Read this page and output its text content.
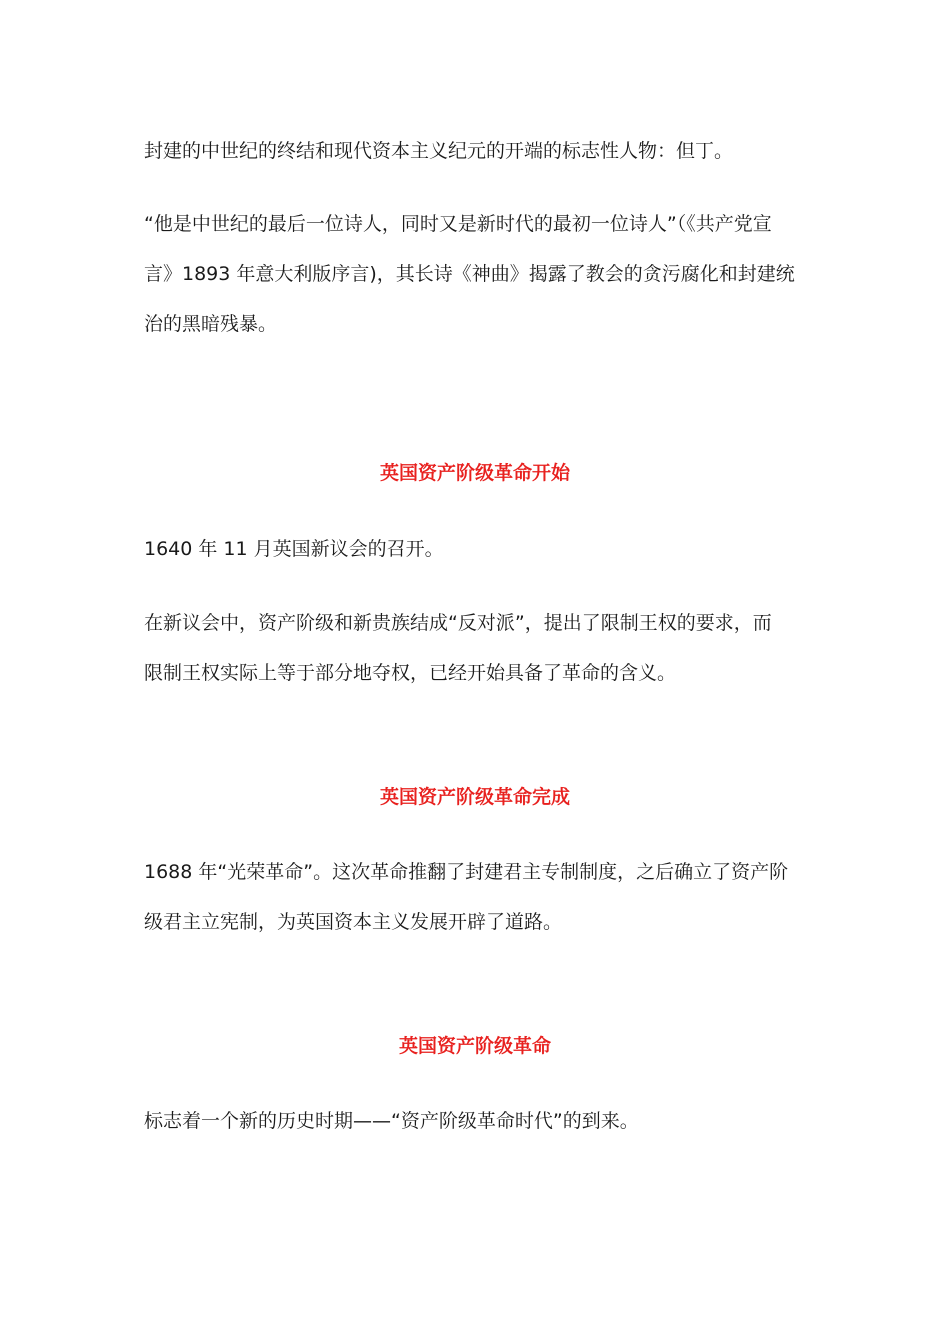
封建的中世纪的终结和现代资本主义纪元的开端的标志性人物：但丁。

“他是中世纪的最后一位诗人，同时又是新时代的最初一位诗人”（《共产党宣
言》1893 年意大利版序言)，其长诗《神曲》揭露了教会的贪污腐化和封建统
治的黑暗残暴。

英国资产阶级革命开始

1640 年 11 月英国新议会的召开。

在新议会中，资产阶级和新贵族结成“反对派”，提出了限制王权的要求，而
限制王权实际上等于部分地夺权，已经开始具备了革命的含义。

英国资产阶级革命完成

1688 年“光荣革命”。这次革命推翻了封建君主专制制度，之后确立了资产阶
级君主立宪制，为英国资本主义发展开辟了道路。

英国资产阶级革命

标志着一个新的历史时期——“资产阶级革命时代”的到来。
